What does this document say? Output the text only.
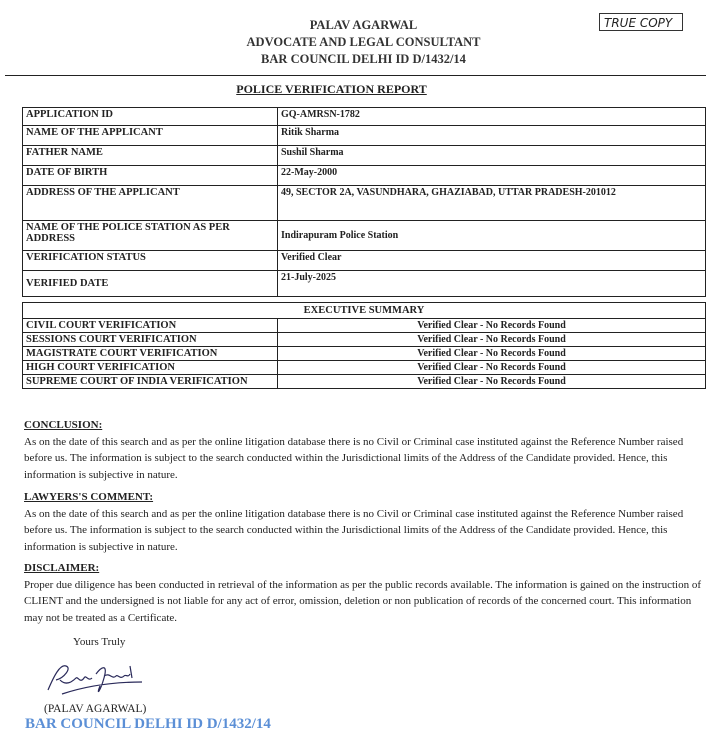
PALAV AGARWAL
ADVOCATE AND LEGAL CONSULTANT
BAR COUNCIL DELHI ID D/1432/14
TRUE COPY
POLICE VERIFICATION REPORT
APPLICATION ID	GQ-AMRSN-1782
NAME OF THE APPLICANT	Ritik Sharma
FATHER NAME	Sushil Sharma
DATE OF BIRTH	22-May-2000
ADDRESS OF THE APPLICANT	49, SECTOR 2A, VASUNDHARA, GHAZIABAD, UTTAR PRADESH-201012
NAME OF THE POLICE STATION AS PER ADDRESS	Indirapuram Police Station
VERIFICATION STATUS	Verified Clear
VERIFIED DATE	21-July-2025
EXECUTIVE SUMMARY	
CIVIL COURT VERIFICATION	Verified Clear - No Records Found
SESSIONS COURT VERIFICATION	Verified Clear - No Records Found
MAGISTRATE COURT VERIFICATION	Verified Clear - No Records Found
HIGH COURT VERIFICATION	Verified Clear - No Records Found
SUPREME COURT OF INDIA VERIFICATION	Verified Clear - No Records Found
CONCLUSION:
As on the date of this search and as per the online litigation database there is no Civil or Criminal case instituted against the Reference Number raised before us. The information is subject to the search conducted within the Jurisdictional limits of the Address of the Candidate provided. Hence, this information is subjective in nature.
LAWYERS'S COMMENT:
As on the date of this search and as per the online litigation database there is no Civil or Criminal case instituted against the Reference Number raised before us. The information is subject to the search conducted within the Jurisdictional limits of the Address of the Candidate provided. Hence, this information is subjective in nature.
DISCLAIMER:
Proper due diligence has been conducted in retrieval of the information as per the public records available. The information is gained on the instruction of CLIENT and the undersigned is not liable for any act of error, omission, deletion or non publication of records of the concerned court. This information may not be treated as a Certificate.
Yours Truly
(PALAV AGARWAL)
BAR COUNCIL DELHI ID D/1432/14
